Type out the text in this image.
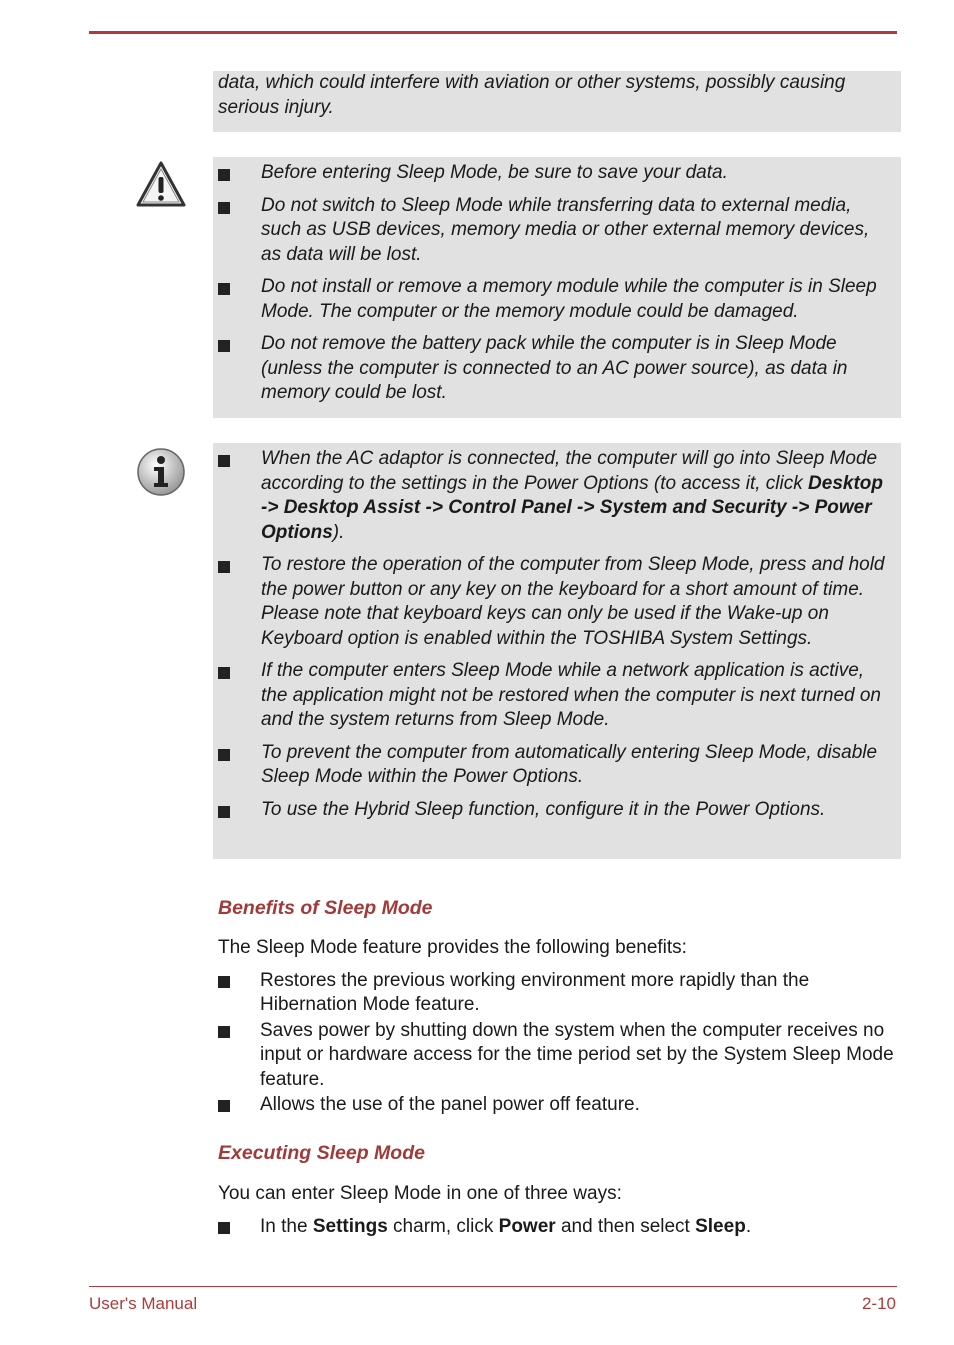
data, which could interfere with aviation or other systems, possibly causing serious injury.

Before entering Sleep Mode, be sure to save your data.
Do not switch to Sleep Mode while transferring data to external media, such as USB devices, memory media or other external memory devices, as data will be lost.
Do not install or remove a memory module while the computer is in Sleep Mode. The computer or the memory module could be damaged.
Do not remove the battery pack while the computer is in Sleep Mode (unless the computer is connected to an AC power source), as data in memory could be lost.
When the AC adaptor is connected, the computer will go into Sleep Mode according to the settings in the Power Options (to access it, click Desktop -> Desktop Assist -> Control Panel -> System and Security -> Power Options).
To restore the operation of the computer from Sleep Mode, press and hold the power button or any key on the keyboard for a short amount of time. Please note that keyboard keys can only be used if the Wake-up on Keyboard option is enabled within the TOSHIBA System Settings.
If the computer enters Sleep Mode while a network application is active, the application might not be restored when the computer is next turned on and the system returns from Sleep Mode.
To prevent the computer from automatically entering Sleep Mode, disable Sleep Mode within the Power Options.
To use the Hybrid Sleep function, configure it in the Power Options.
Benefits of Sleep Mode

The Sleep Mode feature provides the following benefits:

Restores the previous working environment more rapidly than the Hibernation Mode feature.
Saves power by shutting down the system when the computer receives no input or hardware access for the time period set by the System Sleep Mode feature.
Allows the use of the panel power off feature.
Executing Sleep Mode

You can enter Sleep Mode in one of three ways:

In the Settings charm, click Power and then select Sleep.
User's Manual	2-10
